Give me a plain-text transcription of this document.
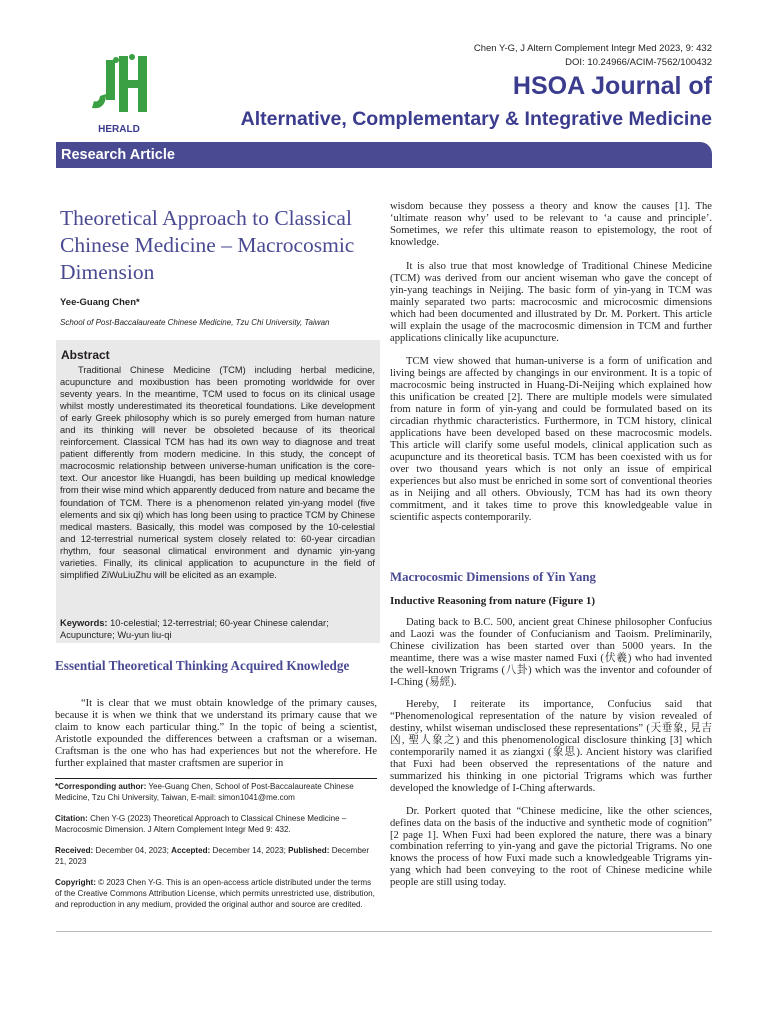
Chen Y-G, J Altern Complement Integr Med 2023, 9: 432
DOI: 10.24966/ACIM-7562/100432
HERALD
HSOA Journal of
Alternative, Complementary & Integrative Medicine
Research Article
Theoretical Approach to Classical Chinese Medicine – Macrocosmic Dimension
Yee-Guang Chen*
School of Post-Baccalaureate Chinese Medicine, Tzu Chi University, Taiwan
Abstract
Traditional Chinese Medicine (TCM) including herbal medicine, acupuncture and moxibustion has been promoting worldwide for over seventy years. In the meantime, TCM used to focus on its clinical usage whilst mostly underestimated its theoretical foundations. Like development of early Greek philosophy which is so purely emerged from human nature and its thinking will never be obsoleted because of its theorical reinforcement. Classical TCM has had its own way to diagnose and treat patient differently from modern medicine. In this study, the concept of macrocosmic relationship between universe-human unification is the core-text. Our ancestor like Huangdi, has been building up medical knowledge from their wise mind which apparently deduced from nature and became the foundation of TCM. There is a phenomenon related yin-yang model (five elements and six qi) which has long been using to practice TCM by Chinese medical masters. Basically, this model was composed by the 10-celestial and 12-terrestrial numerical system closely related to: 60-year circadian rhythm, four seasonal climatical environment and dynamic yin-yang varieties. Finally, its clinical application to acupuncture in the field of simplified ZiWuLiuZhu will be elicited as an example.
Keywords: 10-celestial; 12-terrestrial; 60-year Chinese calendar; Acupuncture; Wu-yun liu-qi
Essential Theoretical Thinking Acquired Knowledge
“It is clear that we must obtain knowledge of the primary causes, because it is when we think that we understand its primary cause that we claim to know each particular thing.” In the topic of being a scientist, Aristotle expounded the differences between a craftsman or a wiseman. Craftsman is the one who has had experiences but not the wherefore. He further explained that master craftsmen are superior in
*Corresponding author: Yee-Guang Chen, School of Post-Baccalaureate Chinese Medicine, Tzu Chi University, Taiwan, E-mail: simon1041@me.com
Citation: Chen Y-G (2023) Theoretical Approach to Classical Chinese Medicine – Macrocosmic Dimension. J Altern Complement Integr Med 9: 432.
Received: December 04, 2023; Accepted: December 14, 2023; Published: December 21, 2023
Copyright: © 2023 Chen Y-G. This is an open-access article distributed under the terms of the Creative Commons Attribution License, which permits unrestricted use, distribution, and reproduction in any medium, provided the original author and source are credited.

wisdom because they possess a theory and know the causes [1]. The ‘ultimate reason why’ used to be relevant to ‘a cause and principle’. Sometimes, we refer this ultimate reason to epistemology, the root of knowledge.

It is also true that most knowledge of Traditional Chinese Medicine (TCM) was derived from our ancient wiseman who gave the concept of yin-yang teachings in Neijing. The basic form of yin-yang in TCM was mainly separated two parts: macrocosmic and microcosmic dimensions which had been documented and illustrated by Dr. M. Porkert. This article will explain the usage of the macrocosmic dimension in TCM and further applications clinically like acupuncture.

TCM view showed that human-universe is a form of unification and living beings are affected by changings in our environment. It is a topic of macrocosmic being instructed in Huang-Di-Neijing which explained how this unification be created [2]. There are multiple models were simulated from nature in form of yin-yang and could be formulated based on its circadian rhythmic characteristics. Furthermore, in TCM history, clinical applications have been developed based on these macrocosmic models. This article will clarify some useful models, clinical application such as acupuncture and its theoretical basis. TCM has been coexisted with us for over two thousand years which is not only an issue of empirical experiences but also must be enriched in some sort of conventional theories as in Neijing and all others. Obviously, TCM has had its own theory commitment, and it takes time to prove this knowledgeable value in scientific aspects contemporarily.

Macrocosmic Dimensions of Yin Yang
Inductive Reasoning from nature (Figure 1)

Dating back to B.C. 500, ancient great Chinese philosopher Confucius and Laozi was the founder of Confucianism and Taoism. Preliminarily, Chinese civilization has been started over than 5000 years. In the meantime, there was a wise master named Fuxi (伏羲) who had invented the well-known Trigrams (八卦) which was the inventor and cofounder of I-Ching (易經).

Hereby, I reiterate its importance, Confucius said that “Phenomenological representation of the nature by vision revealed of destiny, whilst wiseman undisclosed these representations” (天垂象, 見吉凶, 聖人象之) and this phenomenological disclosure thinking [3] which contemporarily named it as ziangxi (象思). Ancient history was clarified that Fuxi had been observed the representations of the nature and summarized his thinking in one pictorial Trigrams which was further developed the knowledge of I-Ching afterwards.

Dr. Porkert quoted that “Chinese medicine, like the other sciences, defines data on the basis of the inductive and synthetic mode of cognition” [2 page 1]. When Fuxi had been explored the nature, there was a binary combination referring to yin-yang and gave the pictorial Trigrams. No one knows the process of how Fuxi made such a knowledgeable Trigrams yin-yang which had been conveying to the root of Chinese medicine while people are still using today.
